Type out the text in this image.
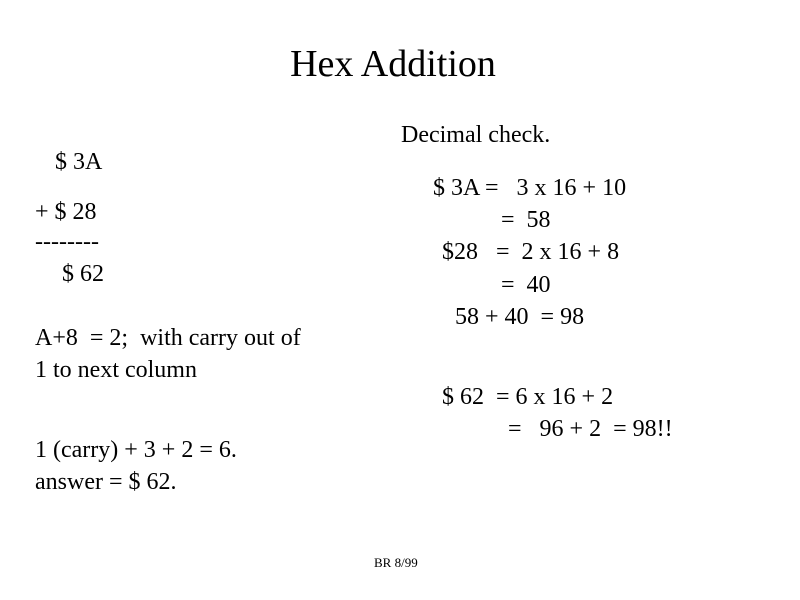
Hex Addition
$ 3A
+ $ 28
--------
$ 62
A+8  = 2;  with carry out of
1 to next column
1 (carry) + 3 + 2 = 6.
answer = $ 62.
Decimal check.
$ 3A =   3 x 16 + 10
=  58
$28   =  2 x 16 + 8
=  40
58 + 40  = 98
$ 62  = 6 x 16 + 2
=   96 + 2  = 98!!
BR 8/99
